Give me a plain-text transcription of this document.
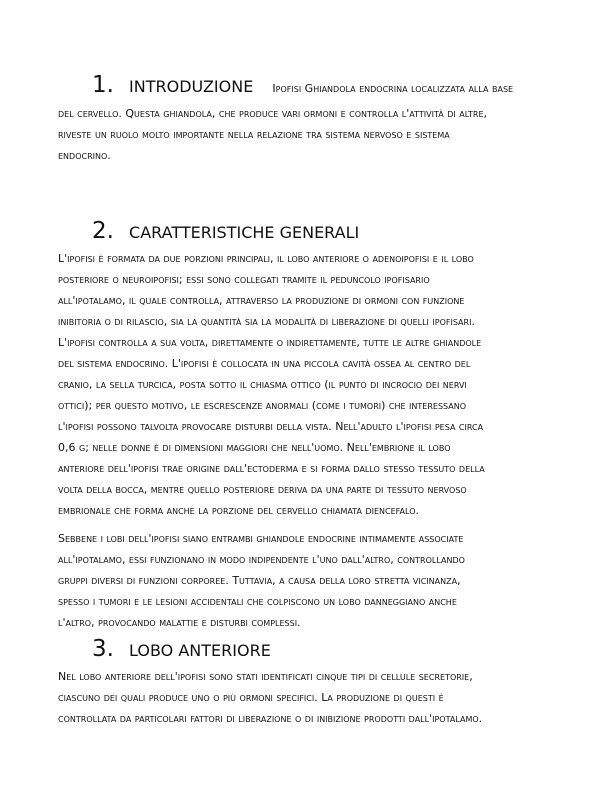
1. INTRODUZIONE Ipofisi Ghiandola endocrina localizzata alla base
del cervello. Questa ghiandola, che produce vari ormoni e controlla l'attività di altre,
riveste un ruolo molto importante nella relazione tra sistema nervoso e sistema
endocrino.
2. CARATTERISTICHE GENERALI
L'ipofisi è formata da due porzioni principali, il lobo anteriore o adenoipofisi e il lobo
posteriore o neuroipofisi; essi sono collegati tramite il peduncolo ipofisario
all'ipotalamo, il quale controlla, attraverso la produzione di ormoni con funzione
inibitoria o di rilascio, sia la quantità sia la modalità di liberazione di quelli ipofisari.
L'ipofisi controlla a sua volta, direttamente o indirettamente, tutte le altre ghiandole
del sistema endocrino. L'ipofisi è collocata in una piccola cavità ossea al centro del
cranio, la sella turcica, posta sotto il chiasma ottico (il punto di incrocio dei nervi
ottici); per questo motivo, le escrescenze anormali (come i tumori) che interessano
l'ipofisi possono talvolta provocare disturbi della vista. Nell'adulto l'ipofisi pesa circa
0,6 g; nelle donne è di dimensioni maggiori che nell'uomo. Nell'embrione il lobo
anteriore dell'ipofisi trae origine dall'ectoderma e si forma dallo stesso tessuto della
volta della bocca, mentre quello posteriore deriva da una parte di tessuto nervoso
embrionale che forma anche la porzione del cervello chiamata diencefalo.
Sebbene i lobi dell'ipofisi siano entrambi ghiandole endocrine intimamente associate
all'ipotalamo, essi funzionano in modo indipendente l'uno dall'altro, controllando
gruppi diversi di funzioni corporee. Tuttavia, a causa della loro stretta vicinanza,
spesso i tumori e le lesioni accidentali che colpiscono un lobo danneggiano anche
l'altro, provocando malattie e disturbi complessi.
3. LOBO ANTERIORE
Nel lobo anteriore dell'ipofisi sono stati identificati cinque tipi di cellule secretorie,
ciascuno dei quali produce uno o più ormoni specifici. La produzione di questi è
controllata da particolari fattori di liberazione o di inibizione prodotti dall'ipotalamo.
